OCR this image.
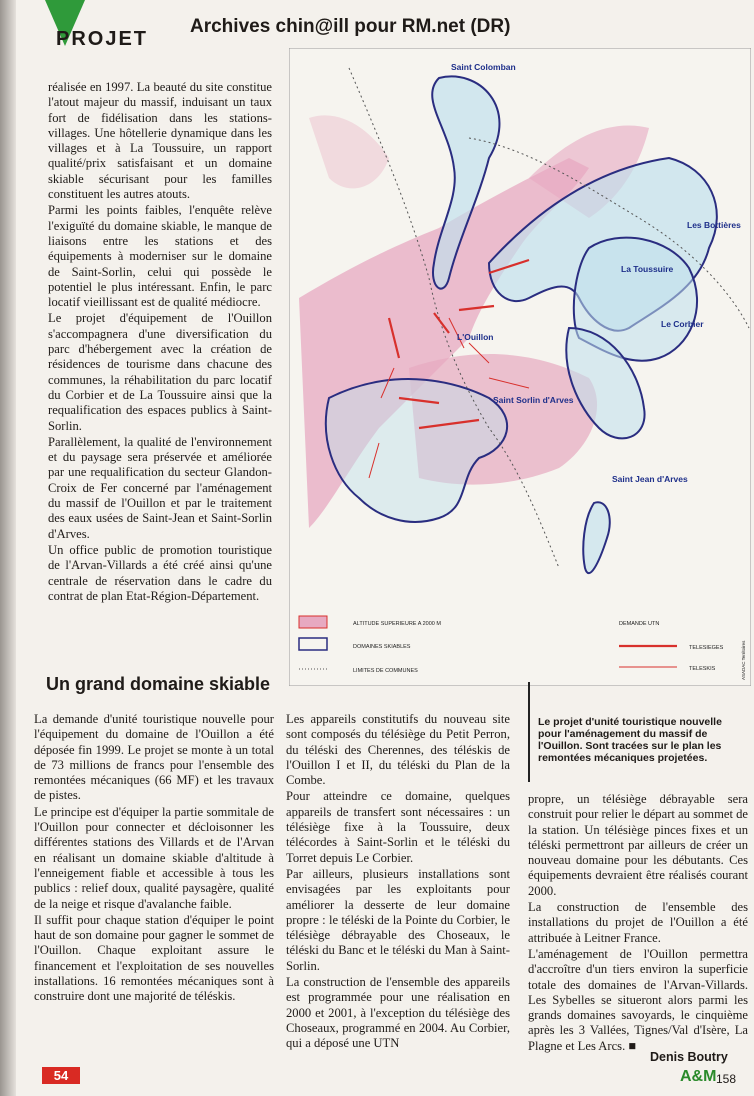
PROJET
Archives chin@ill pour RM.net (DR)

réalisée en 1997. La beauté du site constitue l'atout majeur du massif, induisant un taux fort de fidélisation dans les stations-villages. Une hôtellerie dynamique dans les villages et à La Toussuire, un rapport qualité/prix satisfaisant et un domaine skiable sécurisant pour les familles constituent les autres atouts.

Parmi les points faibles, l'enquête relève l'exiguïté du domaine skiable, le manque de liaisons entre les stations et des équipements à moderniser sur le domaine de Saint-Sorlin, celui qui possède le potentiel le plus intéressant. Enfin, le parc locatif vieillissant est de qualité médiocre.

Le projet d'équipement de l'Ouillon s'accompagnera d'une diversification du parc d'hébergement avec la création de résidences de tourisme dans chacune des communes, la réhabilitation du parc locatif du Corbier et de La Toussuire ainsi que la requalification des espaces publics à Saint-Sorlin.

Parallèlement, la qualité de l'environnement et du paysage sera préservée et améliorée par une requalification du secteur Glandon-Croix de Fer concerné par l'aménagement du massif de l'Ouillon et par le traitement des eaux usées de Saint-Jean et Saint-Sorlin d'Arves.

Un office public de promotion touristique de l'Arvan-Villards a été créé ainsi qu'une centrale de réservation dans le cadre du contrat de plan Etat-Région-Département.

Saint Colomban
Les Bottières
La Toussuire
L'Ouillon
Le Corbier
Saint Sorlin d'Arves
Saint Jean d'Arves
ALTITUDE SUPERIEURE A 2000 M
DOMAINES SKIABLES
LIMITES DE COMMUNES
DEMANDE UTN
TELESIEGES
TELESKIS	ASADAC Territoires
Un grand domaine skiable

La demande d'unité touristique nouvelle pour l'équipement du domaine de l'Ouillon a été déposée fin 1999. Le projet se monte à un total de 73 millions de francs pour l'ensemble des remontées mécaniques (66 MF) et les travaux de pistes.

Le principe est d'équiper la partie sommitale de l'Ouillon pour connecter et décloisonner les différentes stations des Villards et de l'Arvan en réalisant un domaine skiable d'altitude à l'enneigement fiable et accessible à tous les publics : relief doux, qualité paysagère, qualité de la neige et risque d'avalanche faible.

Il suffit pour chaque station d'équiper le point haut de son domaine pour gagner le sommet de l'Ouillon. Chaque exploitant assure le financement et l'exploitation de ses nouvelles installations. 16 remontées mécaniques sont à construire dont une majorité de téléskis.

Les appareils constitutifs du nouveau site sont composés du télésiège du Petit Perron, du téléski des Cherennes, des téléskis de l'Ouillon I et II, du téléski du Plan de la Combe.

Pour atteindre ce domaine, quelques appareils de transfert sont nécessaires : un télésiège fixe à la Toussuire, deux télécordes à Saint-Sorlin et le téléski du Torret depuis Le Corbier.

Par ailleurs, plusieurs installations sont envisagées par les exploitants pour améliorer la desserte de leur domaine propre : le téléski de la Pointe du Corbier, le télésiège débrayable des Choseaux, le téléski du Banc et le téléski du Man à Saint-Sorlin.

La construction de l'ensemble des appareils est programmée pour une réalisation en 2000 et 2001, à l'exception du télésiège des Choseaux, programmé en 2004. Au Corbier, qui a déposé une UTN

Le projet d'unité touristique nouvelle pour l'aménagement du massif de l'Ouillon. Sont tracées sur le plan les remontées mécaniques projetées.

propre, un télésiège débrayable sera construit pour relier le départ au sommet de la station. Un télésiège pinces fixes et un téléski permettront par ailleurs de créer un nouveau domaine pour les débutants. Ces équipements devraient être réalisés courant 2000.

La construction de l'ensemble des installations du projet de l'Ouillon a été attribuée à Leitner France.

L'aménagement de l'Ouillon permettra d'accroître d'un tiers environ la superficie totale des domaines de l'Arvan-Villards. Les Sybelles se situeront alors parmi les grands domaines savoyards, le cinquième après les 3 Vallées, Tignes/Val d'Isère, La Plagne et Les Arcs. ■

Denis Boutry
54	A&M 158
